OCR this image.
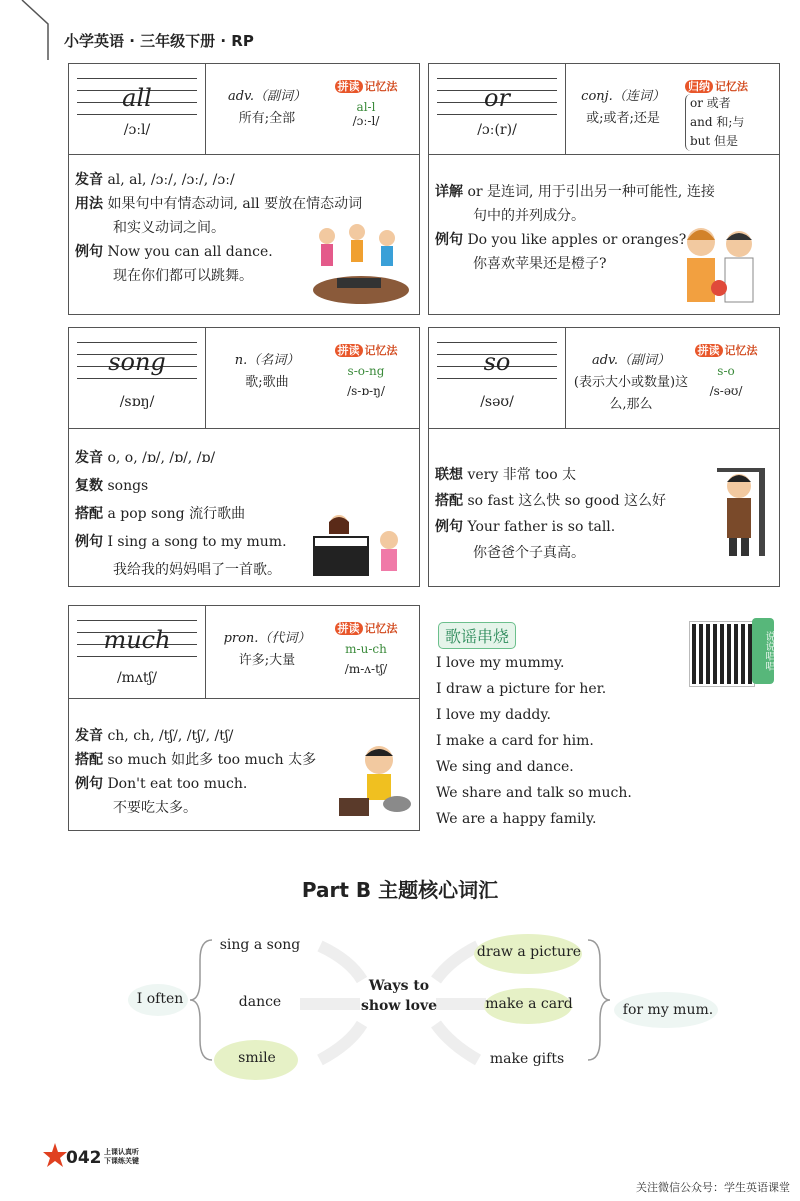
小学英语 · 三年级下册 · RP
all
/ɔːl/
adv.（副词）
所有;全部
拼读 记忆法
al-l
/ɔː-l/
发音 al, al, /ɔː/, /ɔː/, /ɔː/
用法 如果句中有情态动词, all 要放在情态动词
和实义动词之间。
例句 Now you can all dance.
现在你们都可以跳舞。
or
/ɔː(r)/
conj.（连词）
或;或者;还是
归纳 记忆法
or 或者
and 和;与
but 但是
详解 or 是连词, 用于引出另一种可能性, 连接
句中的并列成分。
例句 Do you like apples or oranges?
你喜欢苹果还是橙子?
song
/sɒŋ/
n.（名词）
歌;歌曲
拼读 记忆法
s-o-ng
/s-ɒ-ŋ/
发音 o, o, /ɒ/, /ɒ/, /ɒ/
复数 songs
搭配 a pop song 流行歌曲
例句 I sing a song to my mum.
我给我的妈妈唱了一首歌。
so
/səʊ/
adv.（副词）
(表示大小或数量)这么,那么
拼读 记忆法
s-o
/s-əʊ/
联想 very 非常 too 太
搭配 so fast 这么快 so good 这么好
例句 Your father is so tall.
你爸爸个子真高。
much
/mʌtʃ/
pron.（代词）
许多;大量
拼读 记忆法
m-u-ch
/m-ʌ-tʃ/
发音 ch, ch, /tʃ/, /tʃ/, /tʃ/
搭配 so much 如此多 too much 太多
例句 Don't eat too much.
不要吃太多。
歌谣串烧	说说唱唱
I love my mummy.
I draw a picture for her.
I love my daddy.
I make a card for him.
We sing and dance.
We share and talk so much.
We are a happy family.
Part B 主题核心词汇
I often
Ways to show love
sing a song
dance
smile
draw a picture
make a card
make gifts
for my mum.
042 上课认真听 下课练关键
关注微信公众号：学生英语课堂
